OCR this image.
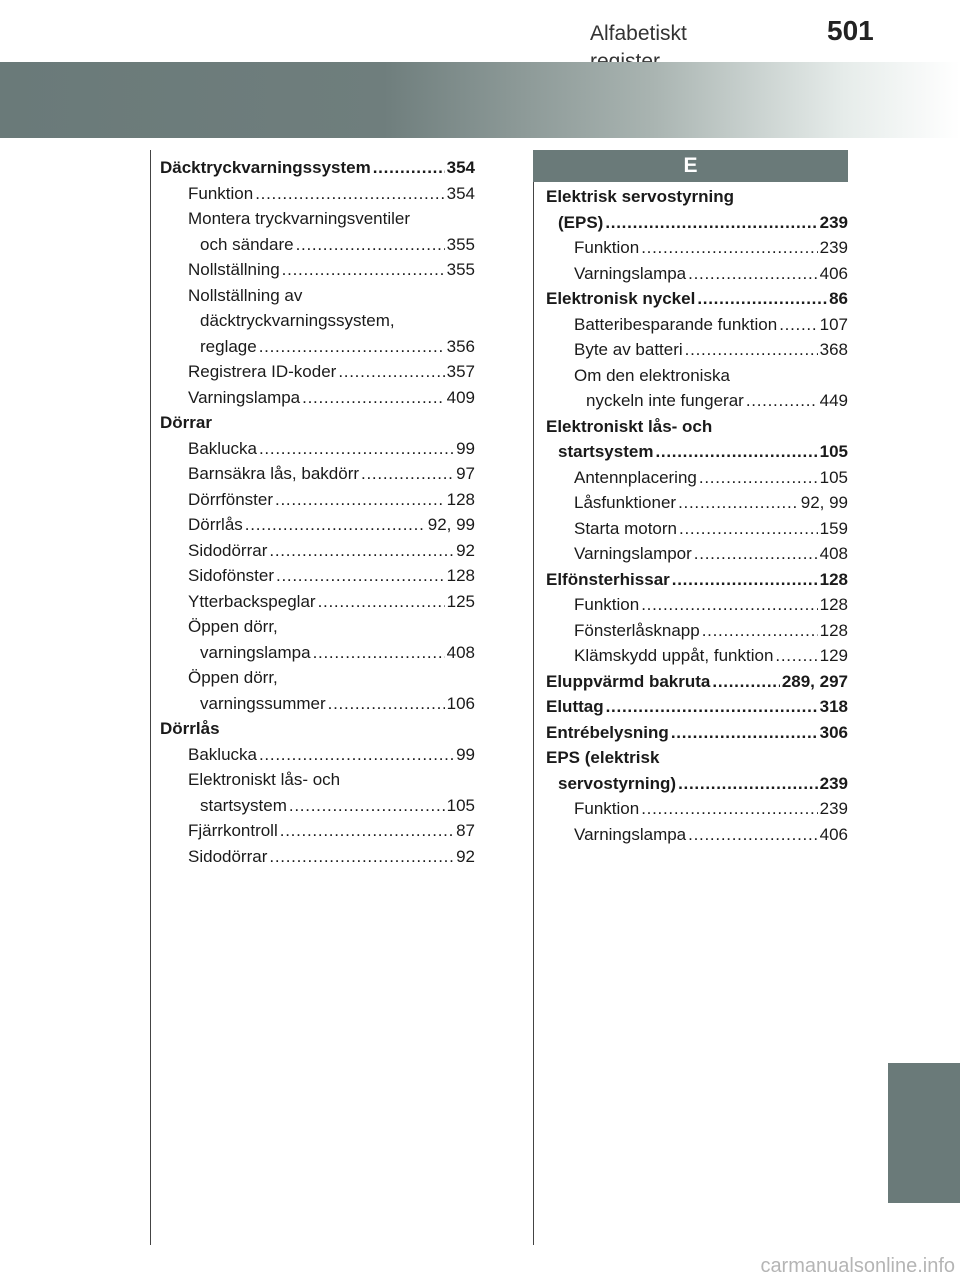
Alfabetiskt	501
Däcktryckvarningssystem . . .	354
Funktion . . .	354
Montera tryckvarningsventiler
och sändare . . .	355
Nollställning . . .	355
Nollställning av
däcktryckvarningssystem,
reglage . . .	356
Registrera ID-koder . . .	357
Varningslampa . . .	409
Dörrar
Baklucka . . .	99
Barnsäkra lås, bakdörr . . .	97
Dörrfönster . . .	128
Dörrlås . . .	92, 99
Sidodörrar . . .	92
Sidofönster . . .	128
Ytterbackspeglar . . .	125
Öppen dörr,
varningslampa . . .	408
Öppen dörr,
varningssummer . . .	106
Dörrlås
Baklucka . . .	99
Elektroniskt lås- och
startsystem . . .	105
Fjärrkontroll . . .	87
Sidodörrar . . .	92
E
Elektrisk servostyrning
(EPS) . . .	239
Funktion . . .	239
Varningslampa . . .	406
Elektronisk nyckel . . .	86
Batteribesparande funktion . . . 107
Byte av batteri . . .	368
Om den elektroniska
nyckeln inte fungerar . . .	449
Elektroniskt lås- och
startsystem . . .	105
Antennplacering . . .	105
Låsfunktioner . . .	92, 99
Starta motorn . . .	159
Varningslampor . . .	408
Elfönsterhissar . . .	128
Funktion . . .	128
Fönsterlåsknapp . . .	128
Klämskydd uppåt, funktion . . .	129
Eluppvärmd bakruta . . .	289, 297
Eluttag . . .	318
Entrébelysning . . .	306
EPS (elektrisk
servostyrning) . . .	239
Funktion . . .	239
Varningslampa . . .	406
carmanualsonline.info
